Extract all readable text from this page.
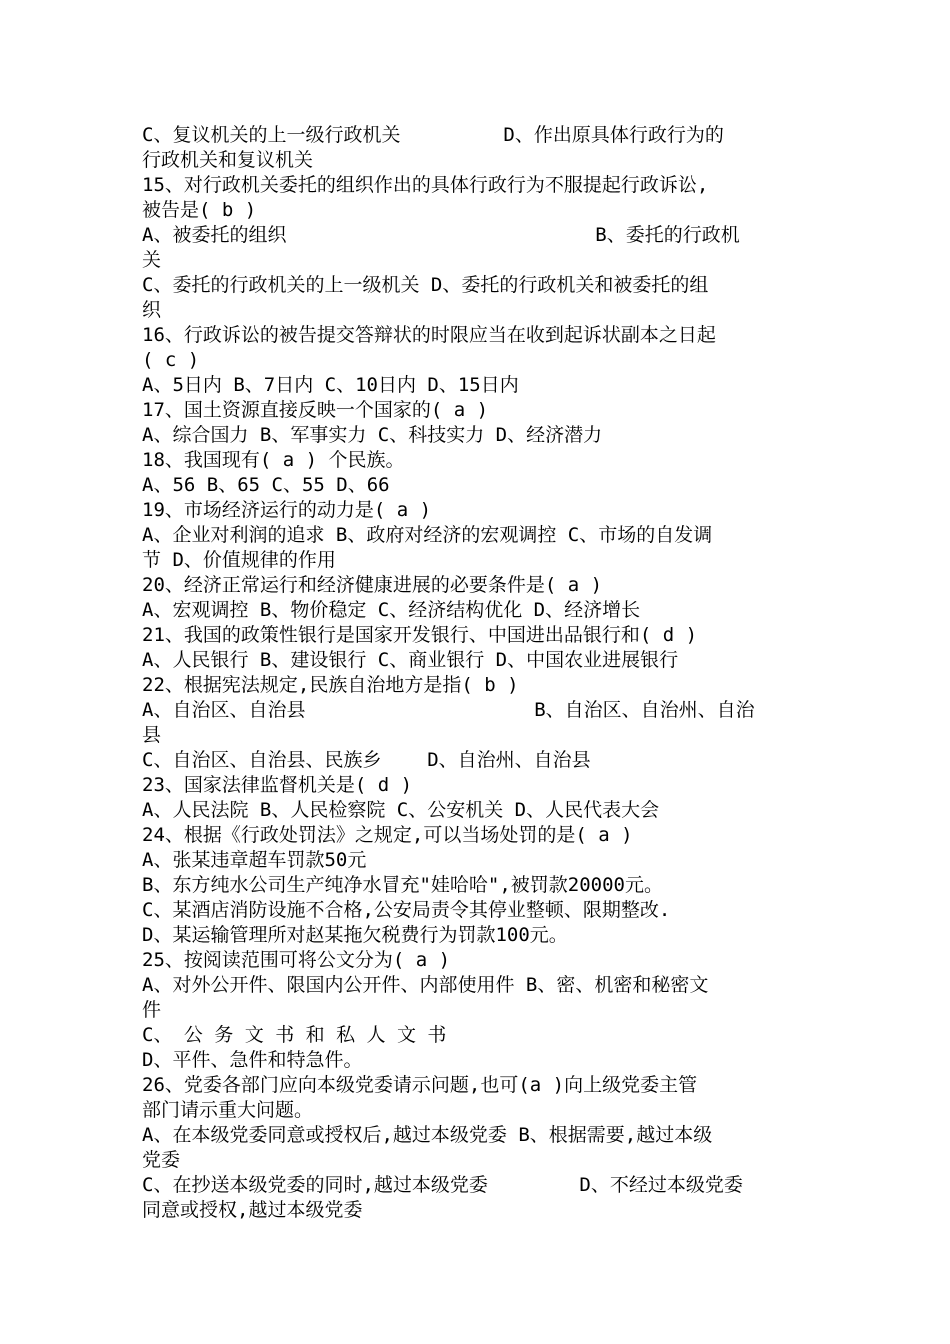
C、复议机关的上一级行政机关         D、作出原具体行政行为的
行政机关和复议机关
15、对行政机关委托的组织作出的具体行政行为不服提起行政诉讼,
被告是( b )
A、被委托的组织                           B、委托的行政机
关
C、委托的行政机关的上一级机关 D、委托的行政机关和被委托的组
织
16、行政诉讼的被告提交答辩状的时限应当在收到起诉状副本之日起
( c )
A、5日内 B、7日内 C、10日内 D、15日内
17、国土资源直接反映一个国家的( a )
A、综合国力 B、军事实力 C、科技实力 D、经济潜力
18、我国现有( a ) 个民族。
A、56 B、65 C、55 D、66
19、市场经济运行的动力是( a )
A、企业对利润的追求 B、政府对经济的宏观调控 C、市场的自发调
节 D、价值规律的作用
20、经济正常运行和经济健康进展的必要条件是( a )
A、宏观调控 B、物价稳定 C、经济结构优化 D、经济增长
21、我国的政策性银行是国家开发银行、中国进出品银行和( d )
A、人民银行 B、建设银行 C、商业银行 D、中国农业进展银行
22、根据宪法规定,民族自治地方是指( b )
A、自治区、自治县                    B、自治区、自治州、自治
县
C、自治区、自治县、民族乡    D、自治州、自治县
23、国家法律监督机关是( d )
A、人民法院 B、人民检察院 C、公安机关 D、人民代表大会
24、根据《行政处罚法》之规定,可以当场处罚的是( a )
A、张某违章超车罚款50元
B、东方纯水公司生产纯净水冒充"娃哈哈",被罚款20000元。
C、某酒店消防设施不合格,公安局责令其停业整顿、限期整改.
D、某运输管理所对赵某拖欠税费行为罚款100元。
25、按阅读范围可将公文分为( a )
A、对外公开件、限国内公开件、内部使用件 B、密、机密和秘密文
件
C、 公 务 文 书 和 私 人 文 书
D、平件、急件和特急件。
26、党委各部门应向本级党委请示问题,也可(a )向上级党委主管
部门请示重大问题。
A、在本级党委同意或授权后,越过本级党委 B、根据需要,越过本级
党委
C、在抄送本级党委的同时,越过本级党委        D、不经过本级党委
同意或授权,越过本级党委
